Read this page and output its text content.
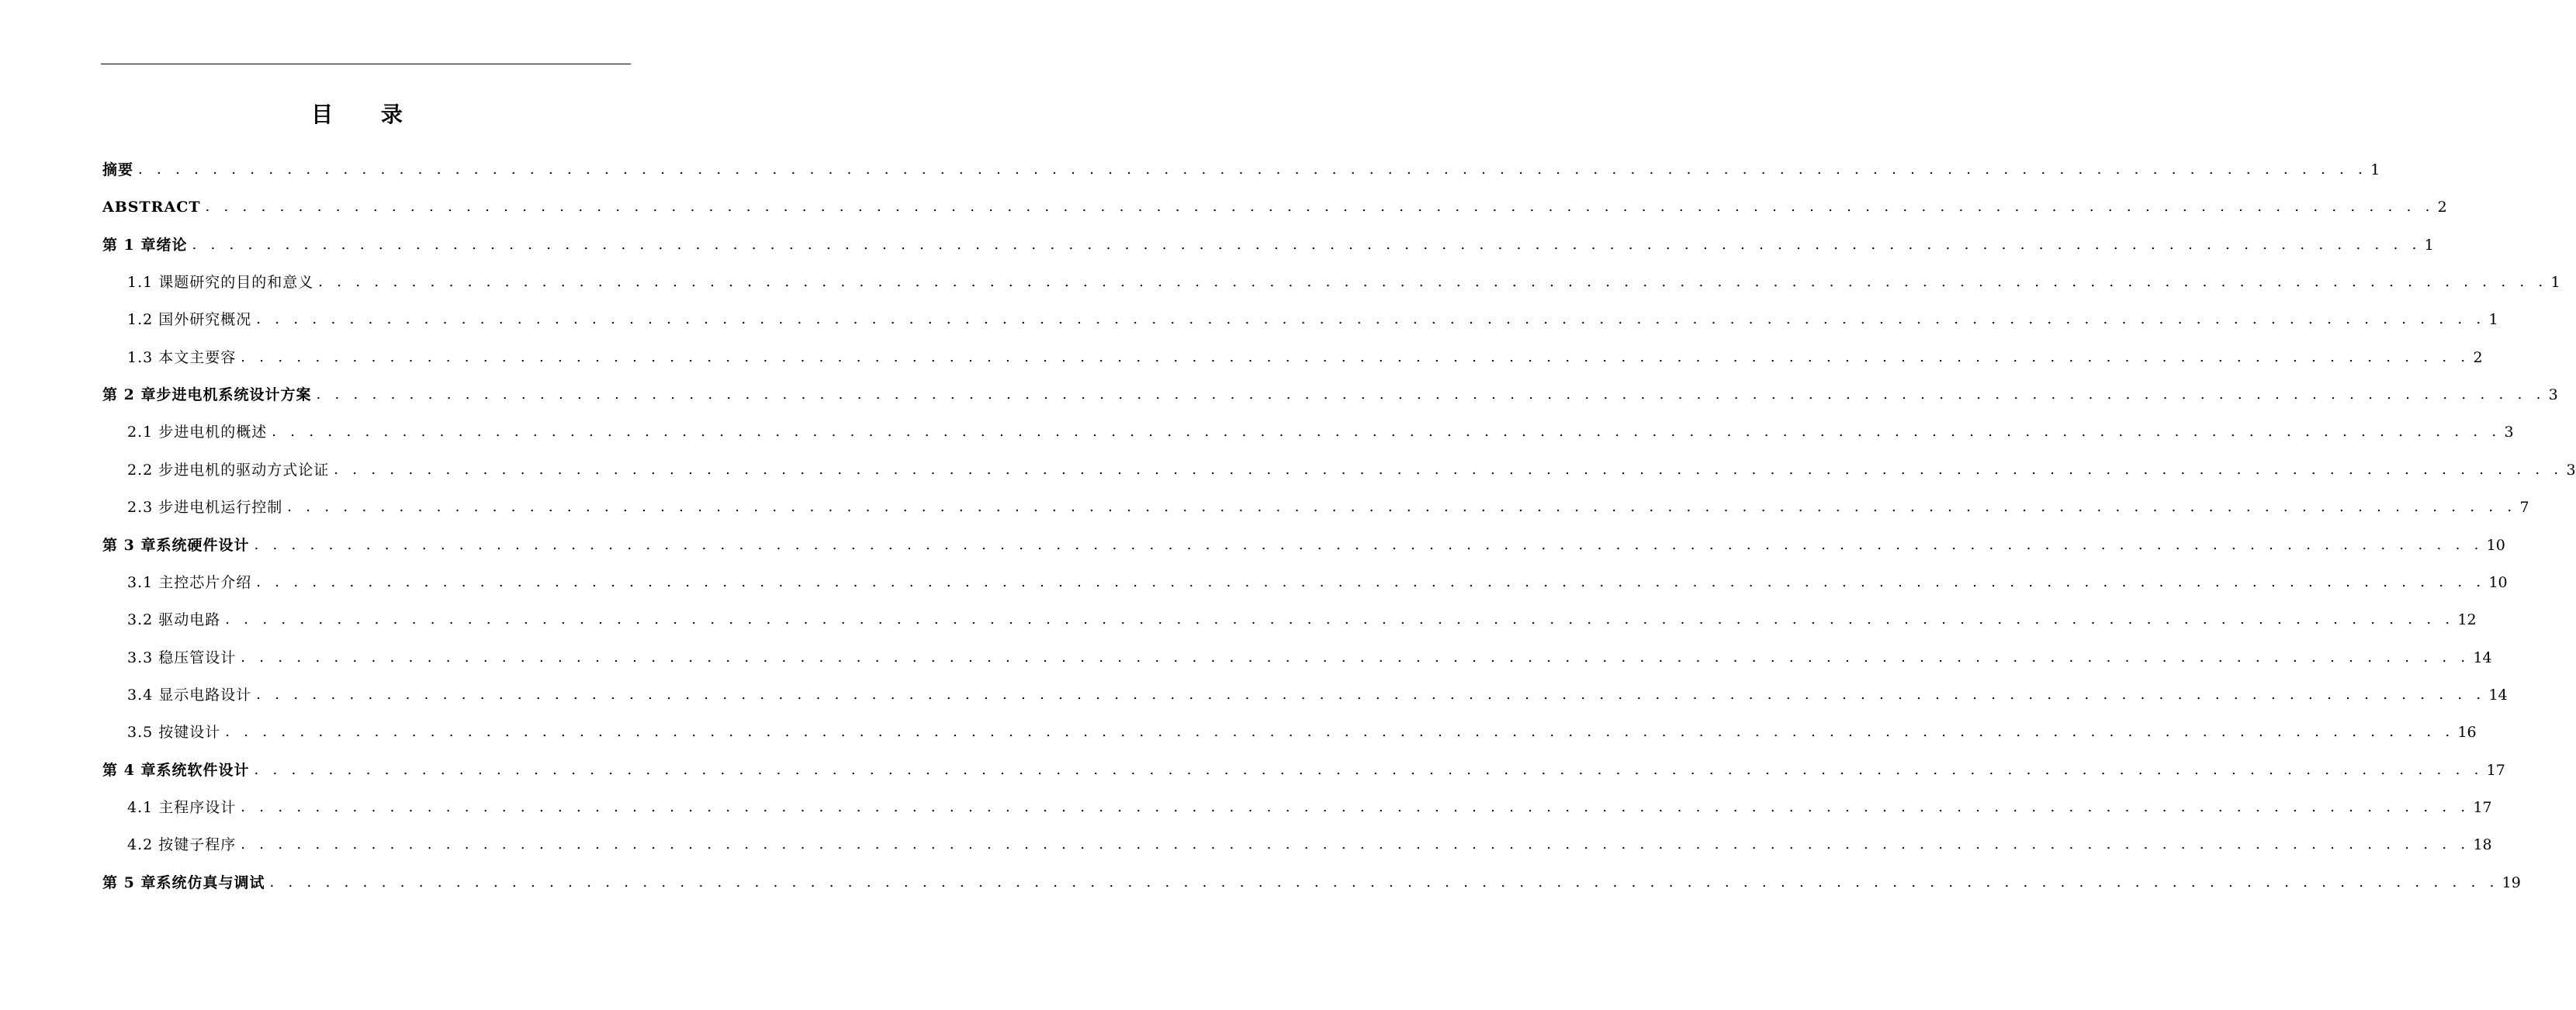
目 录
摘要 . . . . . . . . . . . . . . . . . . . . . . . . . . . . . . . . . . . . . . . . . . . . . . . . . . . . . . . . . . . . . . . . . . . . . . . . . . . . . . . . . . . . . . . . . . . . . . . . . . . . . . . . . . . . . . . . . . . . . . . . 1
ABSTRACT . . . . . . . . . . . . . . . . . . . . . . . . . . . . . . . . . . . . . . . . . . . . . . . . . . . . . . . . . . . . . . . . . . . . . . . . . . . . . . . . . . . . . . . . . . . . . . . . . . . . . . . . . . . . . . . . . . . . . . . . 2
第 1 章绪论 . . . . . . . . . . . . . . . . . . . . . . . . . . . . . . . . . . . . . . . . . . . . . . . . . . . . . . . . . . . . . . . . . . . . . . . . . . . . . . . . . . . . . . . . . . . . . . . . . . . . . . . . . . . . . . . . . . . . . . . . 1
1.1 课题研究的目的和意义 . . . . . . . . . . . . . . . . . . . . . . . . . . . . . . . . . . . . . . . . . . . . . . . . . . . . . . . . . . . . . . . . . . . . . . . . . . . . . . . . . . . . . . . . . . . . . . . . . . . . . . . . . . . . . . . . . . . . . . . . 1
1.2 国外研究概况 . . . . . . . . . . . . . . . . . . . . . . . . . . . . . . . . . . . . . . . . . . . . . . . . . . . . . . . . . . . . . . . . . . . . . . . . . . . . . . . . . . . . . . . . . . . . . . . . . . . . . . . . . . . . . . . . . . . . . . . . 1
1.3 本文主要容 . . . . . . . . . . . . . . . . . . . . . . . . . . . . . . . . . . . . . . . . . . . . . . . . . . . . . . . . . . . . . . . . . . . . . . . . . . . . . . . . . . . . . . . . . . . . . . . . . . . . . . . . . . . . . . . . . . . . . . . . 2
第 2 章步进电机系统设计方案 . . . . . . . . . . . . . . . . . . . . . . . . . . . . . . . . . . . . . . . . . . . . . . . . . . . . . . . . . . . . . . . . . . . . . . . . . . . . . . . . . . . . . . . . . . . . . . . . . . . . . . . . . . . . . . . . . . . . . . . . 3
2.1 步进电机的概述 . . . . . . . . . . . . . . . . . . . . . . . . . . . . . . . . . . . . . . . . . . . . . . . . . . . . . . . . . . . . . . . . . . . . . . . . . . . . . . . . . . . . . . . . . . . . . . . . . . . . . . . . . . . . . . . . . . . . . . . . 3
2.2 步进电机的驱动方式论证 . . . . . . . . . . . . . . . . . . . . . . . . . . . . . . . . . . . . . . . . . . . . . . . . . . . . . . . . . . . . . . . . . . . . . . . . . . . . . . . . . . . . . . . . . . . . . . . . . . . . . . . . . . . . . . . . . . . . . . . . 3
2.3 步进电机运行控制 . . . . . . . . . . . . . . . . . . . . . . . . . . . . . . . . . . . . . . . . . . . . . . . . . . . . . . . . . . . . . . . . . . . . . . . . . . . . . . . . . . . . . . . . . . . . . . . . . . . . . . . . . . . . . . . . . . . . . . . . 7
第 3 章系统硬件设计 . . . . . . . . . . . . . . . . . . . . . . . . . . . . . . . . . . . . . . . . . . . . . . . . . . . . . . . . . . . . . . . . . . . . . . . . . . . . . . . . . . . . . . . . . . . . . . . . . . . . . . . . . . . . . . . . . . . . . . . . 10
3.1 主控芯片介绍 . . . . . . . . . . . . . . . . . . . . . . . . . . . . . . . . . . . . . . . . . . . . . . . . . . . . . . . . . . . . . . . . . . . . . . . . . . . . . . . . . . . . . . . . . . . . . . . . . . . . . . . . . . . . . . . . . . . . . . . . 10
3.2 驱动电路 . . . . . . . . . . . . . . . . . . . . . . . . . . . . . . . . . . . . . . . . . . . . . . . . . . . . . . . . . . . . . . . . . . . . . . . . . . . . . . . . . . . . . . . . . . . . . . . . . . . . . . . . . . . . . . . . . . . . . . . . 12
3.3 稳压管设计 . . . . . . . . . . . . . . . . . . . . . . . . . . . . . . . . . . . . . . . . . . . . . . . . . . . . . . . . . . . . . . . . . . . . . . . . . . . . . . . . . . . . . . . . . . . . . . . . . . . . . . . . . . . . . . . . . . . . . . . . 14
3.4 显示电路设计 . . . . . . . . . . . . . . . . . . . . . . . . . . . . . . . . . . . . . . . . . . . . . . . . . . . . . . . . . . . . . . . . . . . . . . . . . . . . . . . . . . . . . . . . . . . . . . . . . . . . . . . . . . . . . . . . . . . . . . . . 14
3.5 按键设计 . . . . . . . . . . . . . . . . . . . . . . . . . . . . . . . . . . . . . . . . . . . . . . . . . . . . . . . . . . . . . . . . . . . . . . . . . . . . . . . . . . . . . . . . . . . . . . . . . . . . . . . . . . . . . . . . . . . . . . . . 16
第 4 章系统软件设计 . . . . . . . . . . . . . . . . . . . . . . . . . . . . . . . . . . . . . . . . . . . . . . . . . . . . . . . . . . . . . . . . . . . . . . . . . . . . . . . . . . . . . . . . . . . . . . . . . . . . . . . . . . . . . . . . . . . . . . . . 17
4.1 主程序设计 . . . . . . . . . . . . . . . . . . . . . . . . . . . . . . . . . . . . . . . . . . . . . . . . . . . . . . . . . . . . . . . . . . . . . . . . . . . . . . . . . . . . . . . . . . . . . . . . . . . . . . . . . . . . . . . . . . . . . . . . 17
4.2 按键子程序 . . . . . . . . . . . . . . . . . . . . . . . . . . . . . . . . . . . . . . . . . . . . . . . . . . . . . . . . . . . . . . . . . . . . . . . . . . . . . . . . . . . . . . . . . . . . . . . . . . . . . . . . . . . . . . . . . . . . . . . . 18
第 5 章系统仿真与调试 . . . . . . . . . . . . . . . . . . . . . . . . . . . . . . . . . . . . . . . . . . . . . . . . . . . . . . . . . . . . . . . . . . . . . . . . . . . . . . . . . . . . . . . . . . . . . . . . . . . . . . . . . . . . . . . . . . . . . . . . 19
